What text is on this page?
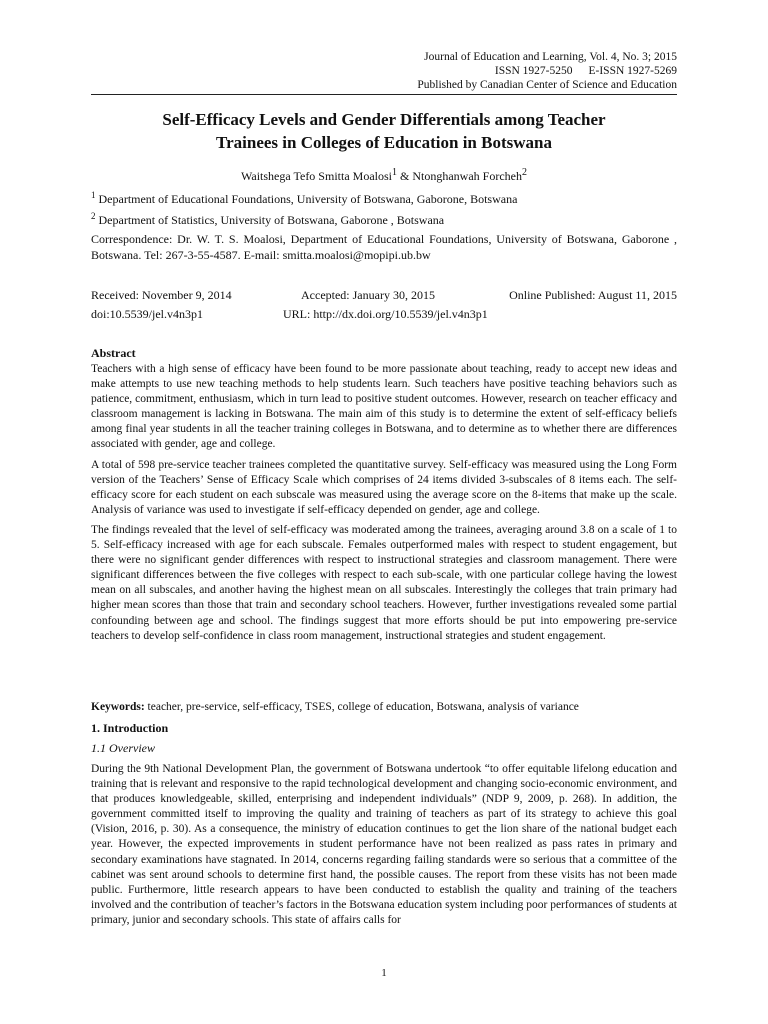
Journal of Education and Learning, Vol. 4, No. 3; 2015
ISSN 1927-5250 E-ISSN 1927-5269
Published by Canadian Center of Science and Education
Self-Efficacy Levels and Gender Differentials among Teacher
Trainees in Colleges of Education in Botswana
Waitshega Tefo Smitta Moalosi$^1$ & Ntonghanwah Forcheh$^2$
$^1$ Department of Educational Foundations, University of Botswana, Gaborone, Botswana
$^2$ Department of Statistics, University of Botswana, Gaborone , Botswana
Correspondence: Dr. W. T. S. Moalosi, Department of Educational Foundations, University of Botswana, Gaborone , Botswana. Tel: 267-3-55-4587. E-mail: smitta.moalosi@mopipi.ub.bw
Received: November 9, 2014	Accepted: January 30, 2015	Online Published: August 11, 2015
doi:10.5539/jel.v4n3p1	URL: http://dx.doi.org/10.5539/jel.v4n3p1
Abstract

Teachers with a high sense of efficacy have been found to be more passionate about teaching, ready to accept new ideas and make attempts to use new teaching methods to help students learn. Such teachers have positive teaching behaviors such as patience, commitment, enthusiasm, which in turn lead to positive student outcomes. However, research on teacher efficacy and classroom management is lacking in Botswana. The main aim of this study is to determine the extent of self-efficacy beliefs among final year students in all the teacher training colleges in Botswana, and to determine as to whether there are differences associated with gender, age and college.

A total of 598 pre-service teacher trainees completed the quantitative survey. Self-efficacy was measured using the Long Form version of the Teachers’ Sense of Efficacy Scale which comprises of 24 items divided 3-subscales of 8 items each. The self-efficacy score for each student on each subscale was measured using the average score on the 8-items that make up the scale. Analysis of variance was used to investigate if self-efficacy depended on gender, age and college.

The findings revealed that the level of self-efficacy was moderated among the trainees, averaging around 3.8 on a scale of 1 to 5. Self-efficacy increased with age for each subscale. Females outperformed males with respect to student engagement, but there were no significant gender differences with respect to instructional strategies and classroom management. There were significant differences between the five colleges with respect to each sub-scale, with one particular college having the lowest mean on all subscales, and another having the highest mean on all subscales. Interestingly the colleges that train primary had higher mean scores than those that train and secondary school teachers. However, further investigations revealed some partial confounding between age and school. The findings suggest that more efforts should be put into empowering pre-service teachers to develop self-confidence in class room management, instructional strategies and student engagement.

Keywords: teacher, pre-service, self-efficacy, TSES, college of education, Botswana, analysis of variance
1. Introduction
1.1 Overview

During the 9th National Development Plan, the government of Botswana undertook “to offer equitable lifelong education and training that is relevant and responsive to the rapid technological development and changing socio-economic environment, and that produces knowledgeable, skilled, enterprising and independent individuals” (NDP 9, 2009, p. 268). In addition, the government committed itself to improving the quality and training of teachers as part of its strategy to achieve this goal (Vision, 2016, p. 30). As a consequence, the ministry of education continues to get the lion share of the national budget each year. However, the expected improvements in student performance have not been realized as pass rates in primary and secondary examinations have stagnated. In 2014, concerns regarding failing standards were so serious that a committee of the cabinet was sent around schools to determine first hand, the possible causes. The report from these visits has not been made public. Furthermore, little research appears to have been conducted to establish the quality and training of the teachers involved and the contribution of teacher’s factors in the Botswana education system including poor performances of students at primary, junior and secondary schools. This state of affairs calls for

1
